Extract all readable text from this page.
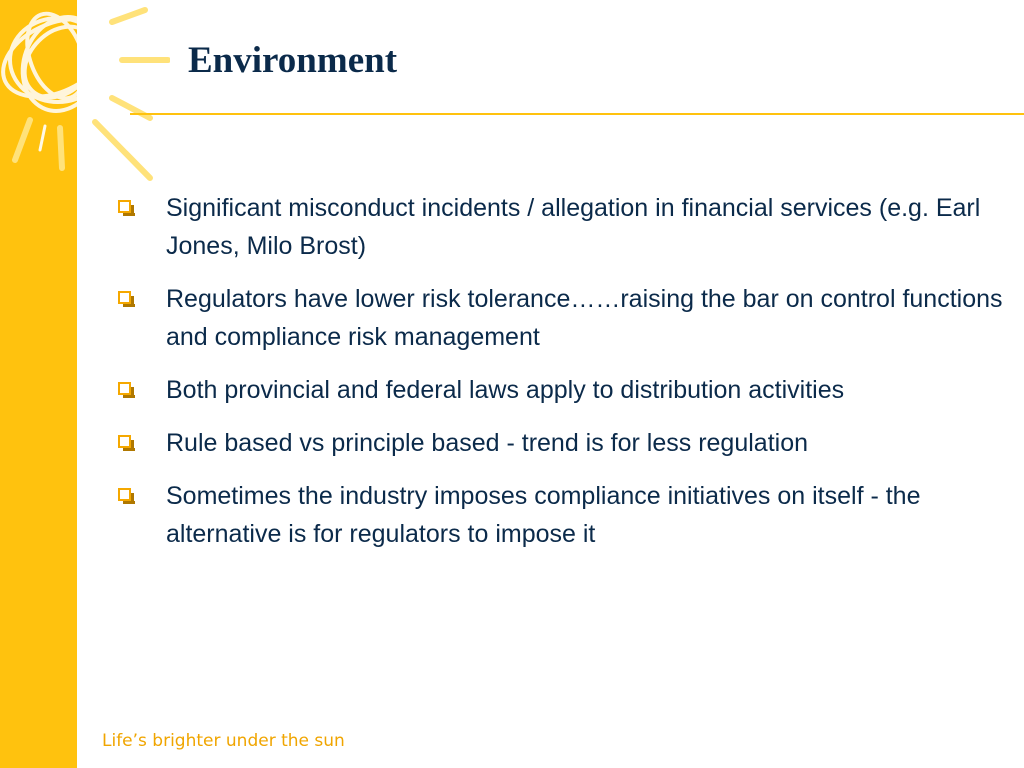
Environment
Significant misconduct incidents / allegation in financial services (e.g. Earl Jones, Milo Brost)
Regulators have lower risk tolerance……raising the bar on control functions and compliance risk management
Both provincial and federal laws apply to distribution activities
Rule based vs principle based - trend is for less regulation
Sometimes the industry imposes compliance initiatives on itself - the alternative is for regulators to impose it

Life’s brighter under the sun
